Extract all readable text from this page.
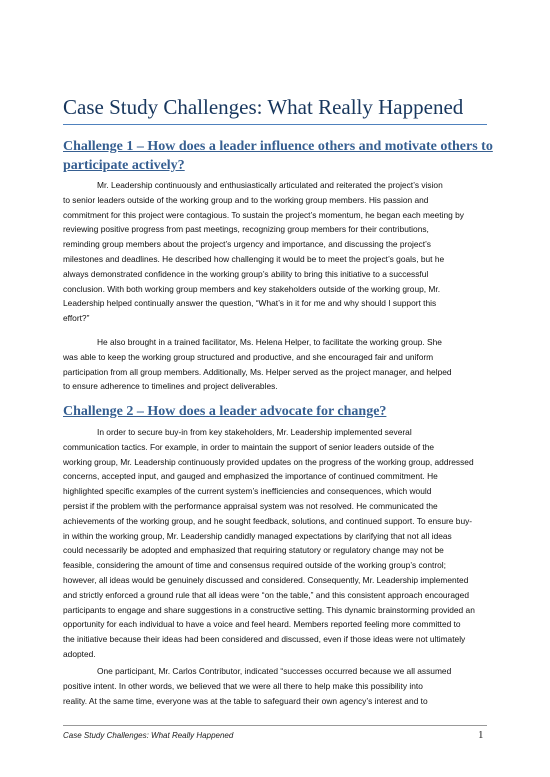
Case Study Challenges: What Really Happened
Challenge 1 – How does a leader influence others and motivate others to participate actively?
Mr. Leadership continuously and enthusiastically articulated and reiterated the project’s vision
to senior leaders outside of the working group and to the working group members. His passion and
commitment for this project were contagious. To sustain the project’s momentum, he began each meeting by
reviewing positive progress from past meetings, recognizing group members for their contributions,
reminding group members about the project’s urgency and importance, and discussing the project’s
milestones and deadlines. He described how challenging it would be to meet the project’s goals, but he
always demonstrated confidence in the working group’s ability to bring this initiative to a successful
conclusion. With both working group members and key stakeholders outside of the working group, Mr.
Leadership helped continually answer the question, “What’s in it for me and why should I support this
effort?”
He also brought in a trained facilitator, Ms. Helena Helper, to facilitate the working group. She
was able to keep the working group structured and productive, and she encouraged fair and uniform
participation from all group members. Additionally, Ms. Helper served as the project manager, and helped
to ensure adherence to timelines and project deliverables.
Challenge 2 – How does a leader advocate for change?
In order to secure buy-in from key stakeholders, Mr. Leadership implemented several
communication tactics. For example, in order to maintain the support of senior leaders outside of the
working group, Mr. Leadership continuously provided updates on the progress of the working group, addressed
concerns, accepted input, and gauged and emphasized the importance of continued commitment. He
highlighted specific examples of the current system’s inefficiencies and consequences, which would
persist if the problem with the performance appraisal system was not resolved. He communicated the
achievements of the working group, and he sought feedback, solutions, and continued support. To ensure buy-
in within the working group, Mr. Leadership candidly managed expectations by clarifying that not all ideas
could necessarily be adopted and emphasized that requiring statutory or regulatory change may not be
feasible, considering the amount of time and consensus required outside of the working group’s control;
however, all ideas would be genuinely discussed and considered. Consequently, Mr. Leadership implemented
and strictly enforced a ground rule that all ideas were “on the table,” and this consistent approach encouraged
participants to engage and share suggestions in a constructive setting. This dynamic brainstorming provided an
opportunity for each individual to have a voice and feel heard. Members reported feeling more committed to
the initiative because their ideas had been considered and discussed, even if those ideas were not ultimately
adopted.
One participant, Mr. Carlos Contributor, indicated “successes occurred because we all assumed
positive intent. In other words, we believed that we were all there to help make this possibility into
reality. At the same time, everyone was at the table to safeguard their own agency’s interest and to
Case Study Challenges: What Really Happened	1
